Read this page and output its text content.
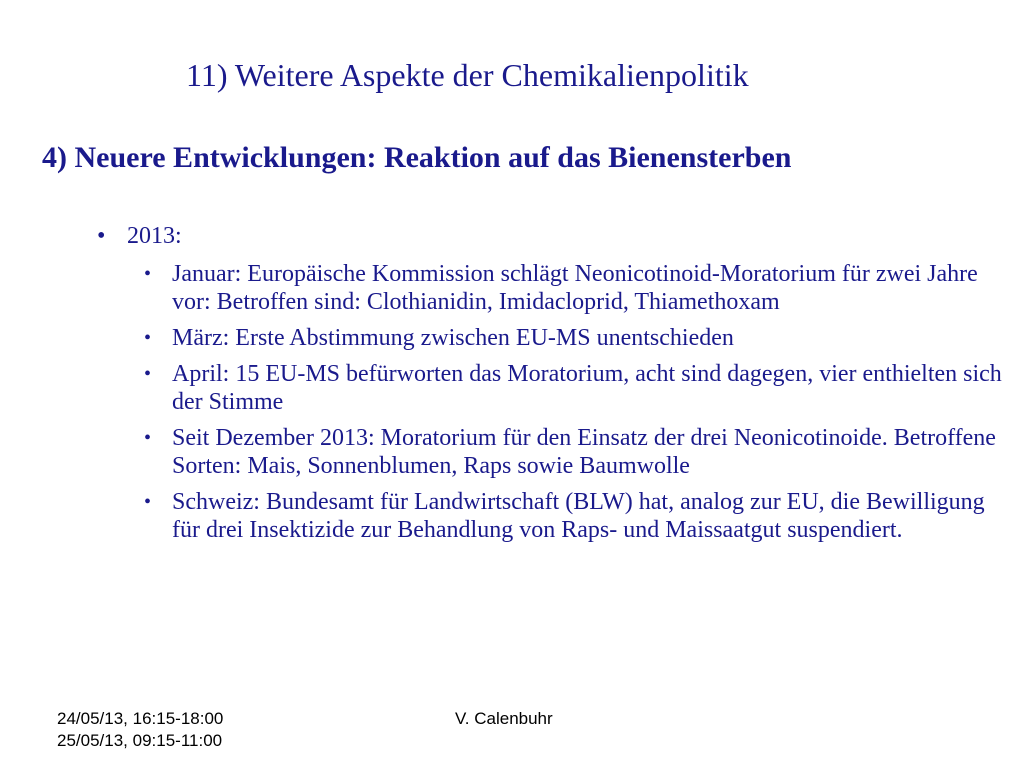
11) Weitere Aspekte der Chemikalienpolitik
4) Neuere Entwicklungen: Reaktion auf das Bienensterben
• 2013:
• Januar: Europäische Kommission schlägt Neonicotinoid-Moratorium für zwei Jahre vor: Betroffen sind: Clothianidin, Imidacloprid, Thiamethoxam
• März: Erste Abstimmung zwischen EU-MS unentschieden
• April: 15 EU-MS befürworten das Moratorium, acht sind dagegen, vier enthielten sich der Stimme
• Seit Dezember 2013: Moratorium für den Einsatz der drei Neonicotinoide. Betroffene Sorten: Mais, Sonnenblumen, Raps sowie Baumwolle
• Schweiz: Bundesamt für Landwirtschaft (BLW) hat, analog zur EU, die Bewilligung für drei Insektizide zur Behandlung von Raps- und Maissaatgut suspendiert.
24/05/13, 16:15-18:00
25/05/13, 09:15-11:00
V. Calenbuhr
